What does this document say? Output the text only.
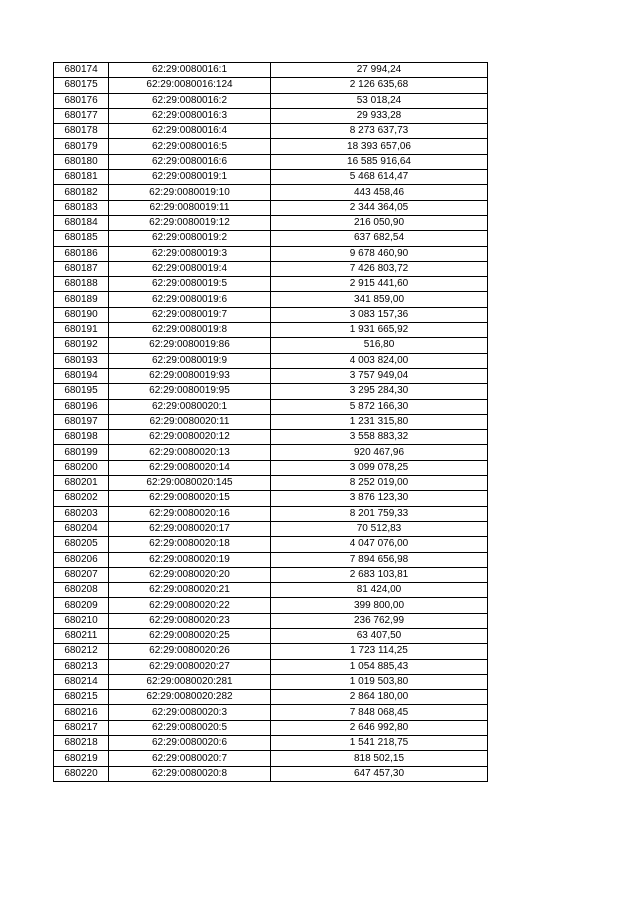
680174	62:29:0080016:1	27 994,24
680175	62:29:0080016:124	2 126 635,68
680176	62:29:0080016:2	53 018,24
680177	62:29:0080016:3	29 933,28
680178	62:29:0080016:4	8 273 637,73
680179	62:29:0080016:5	18 393 657,06
680180	62:29:0080016:6	16 585 916,64
680181	62:29:0080019:1	5 468 614,47
680182	62:29:0080019:10	443 458,46
680183	62:29:0080019:11	2 344 364,05
680184	62:29:0080019:12	216 050,90
680185	62:29:0080019:2	637 682,54
680186	62:29:0080019:3	9 678 460,90
680187	62:29:0080019:4	7 426 803,72
680188	62:29:0080019:5	2 915 441,60
680189	62:29:0080019:6	341 859,00
680190	62:29:0080019:7	3 083 157,36
680191	62:29:0080019:8	1 931 665,92
680192	62:29:0080019:86	516,80
680193	62:29:0080019:9	4 003 824,00
680194	62:29:0080019:93	3 757 949,04
680195	62:29:0080019:95	3 295 284,30
680196	62:29:0080020:1	5 872 166,30
680197	62:29:0080020:11	1 231 315,80
680198	62:29:0080020:12	3 558 883,32
680199	62:29:0080020:13	920 467,96
680200	62:29:0080020:14	3 099 078,25
680201	62:29:0080020:145	8 252 019,00
680202	62:29:0080020:15	3 876 123,30
680203	62:29:0080020:16	8 201 759,33
680204	62:29:0080020:17	70 512,83
680205	62:29:0080020:18	4 047 076,00
680206	62:29:0080020:19	7 894 656,98
680207	62:29:0080020:20	2 683 103,81
680208	62:29:0080020:21	81 424,00
680209	62:29:0080020:22	399 800,00
680210	62:29:0080020:23	236 762,99
680211	62:29:0080020:25	63 407,50
680212	62:29:0080020:26	1 723 114,25
680213	62:29:0080020:27	1 054 885,43
680214	62:29:0080020:281	1 019 503,80
680215	62:29:0080020:282	2 864 180,00
680216	62:29:0080020:3	7 848 068,45
680217	62:29:0080020:5	2 646 992,80
680218	62:29:0080020:6	1 541 218,75
680219	62:29:0080020:7	818 502,15
680220	62:29:0080020:8	647 457,30
